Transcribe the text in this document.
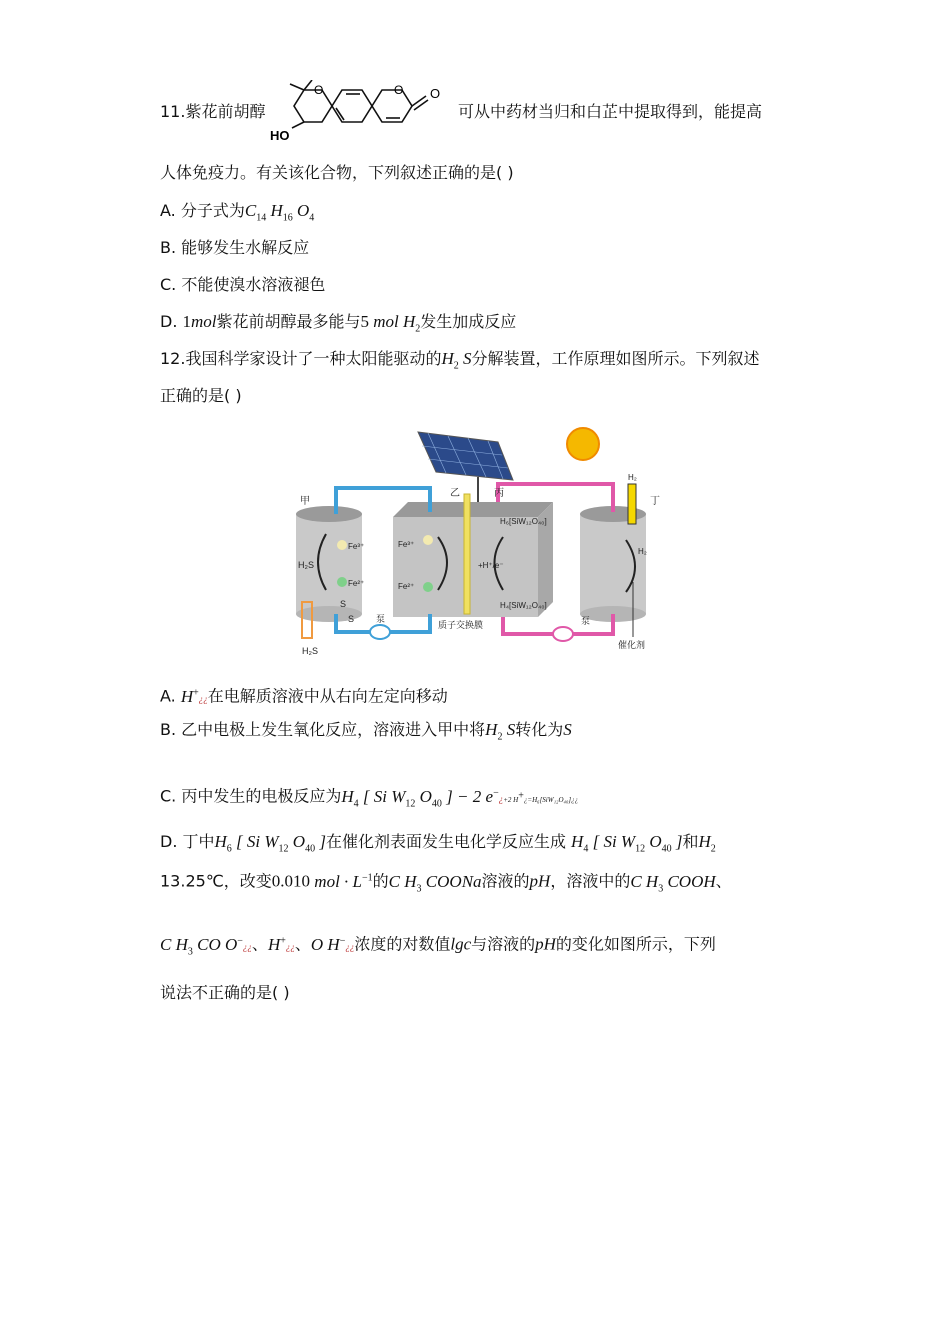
11.紫花前胡醇
O	O O
HO
可从中药材当归和白芷中提取得到，能提高
人体免疫力。有关该化合物，下列叙述正确的是( )
A. 分子式为$C_{14}$ $H_{16}$ $O_4$
B. 能够发生水解反应
C. 不能使溴水溶液褪色
D. 1mol紫花前胡醇最多能与5 mol $H_2$发生加成反应
12.我国科学家设计了一种太阳能驱动的$H_2$ S分解装置，工作原理如图所示。下列叙述
正确的是( )
甲
乙	丙
丁
Fe³⁺
Fe²⁺
Fe³⁺
Fe²⁺
H₂S
S
S
H₂S
泵	泵
质子交换膜
催化剂
H₆[SiW₁₂O₄₀]
H₄[SiW₁₂O₄₀]
+H⁺/e⁻
H₂
H₂
A. H+¿¿在电解质溶液中从右向左定向移动
B. 乙中电极上发生氧化反应，溶液进入甲中将$H_2$ S转化为S
C. 丙中发生的电极反应为$H_4$ [ Si $W_{12}$ $O_{40}$ ] − 2 e−¿+2 H+¿=H₆[SiW₁₂O₄₀]¿¿
D. 丁中$H_6$ [ Si $W_{12}$ $O_{40}$ ]在催化剂表面发生电化学反应生成 $H_4$ [ Si $W_{12}$ $O_{40}$ ]和$H_2$
13.25℃，改变0.010 mol · $L^{-1}$的C $H_3$ COONa溶液的pH，溶液中的C $H_3$ COOH、
C $H_3$ CO O−¿¿、H+¿¿、O H−¿¿浓度的对数值lgc与溶液的pH的变化如图所示，下列
说法不正确的是( )
